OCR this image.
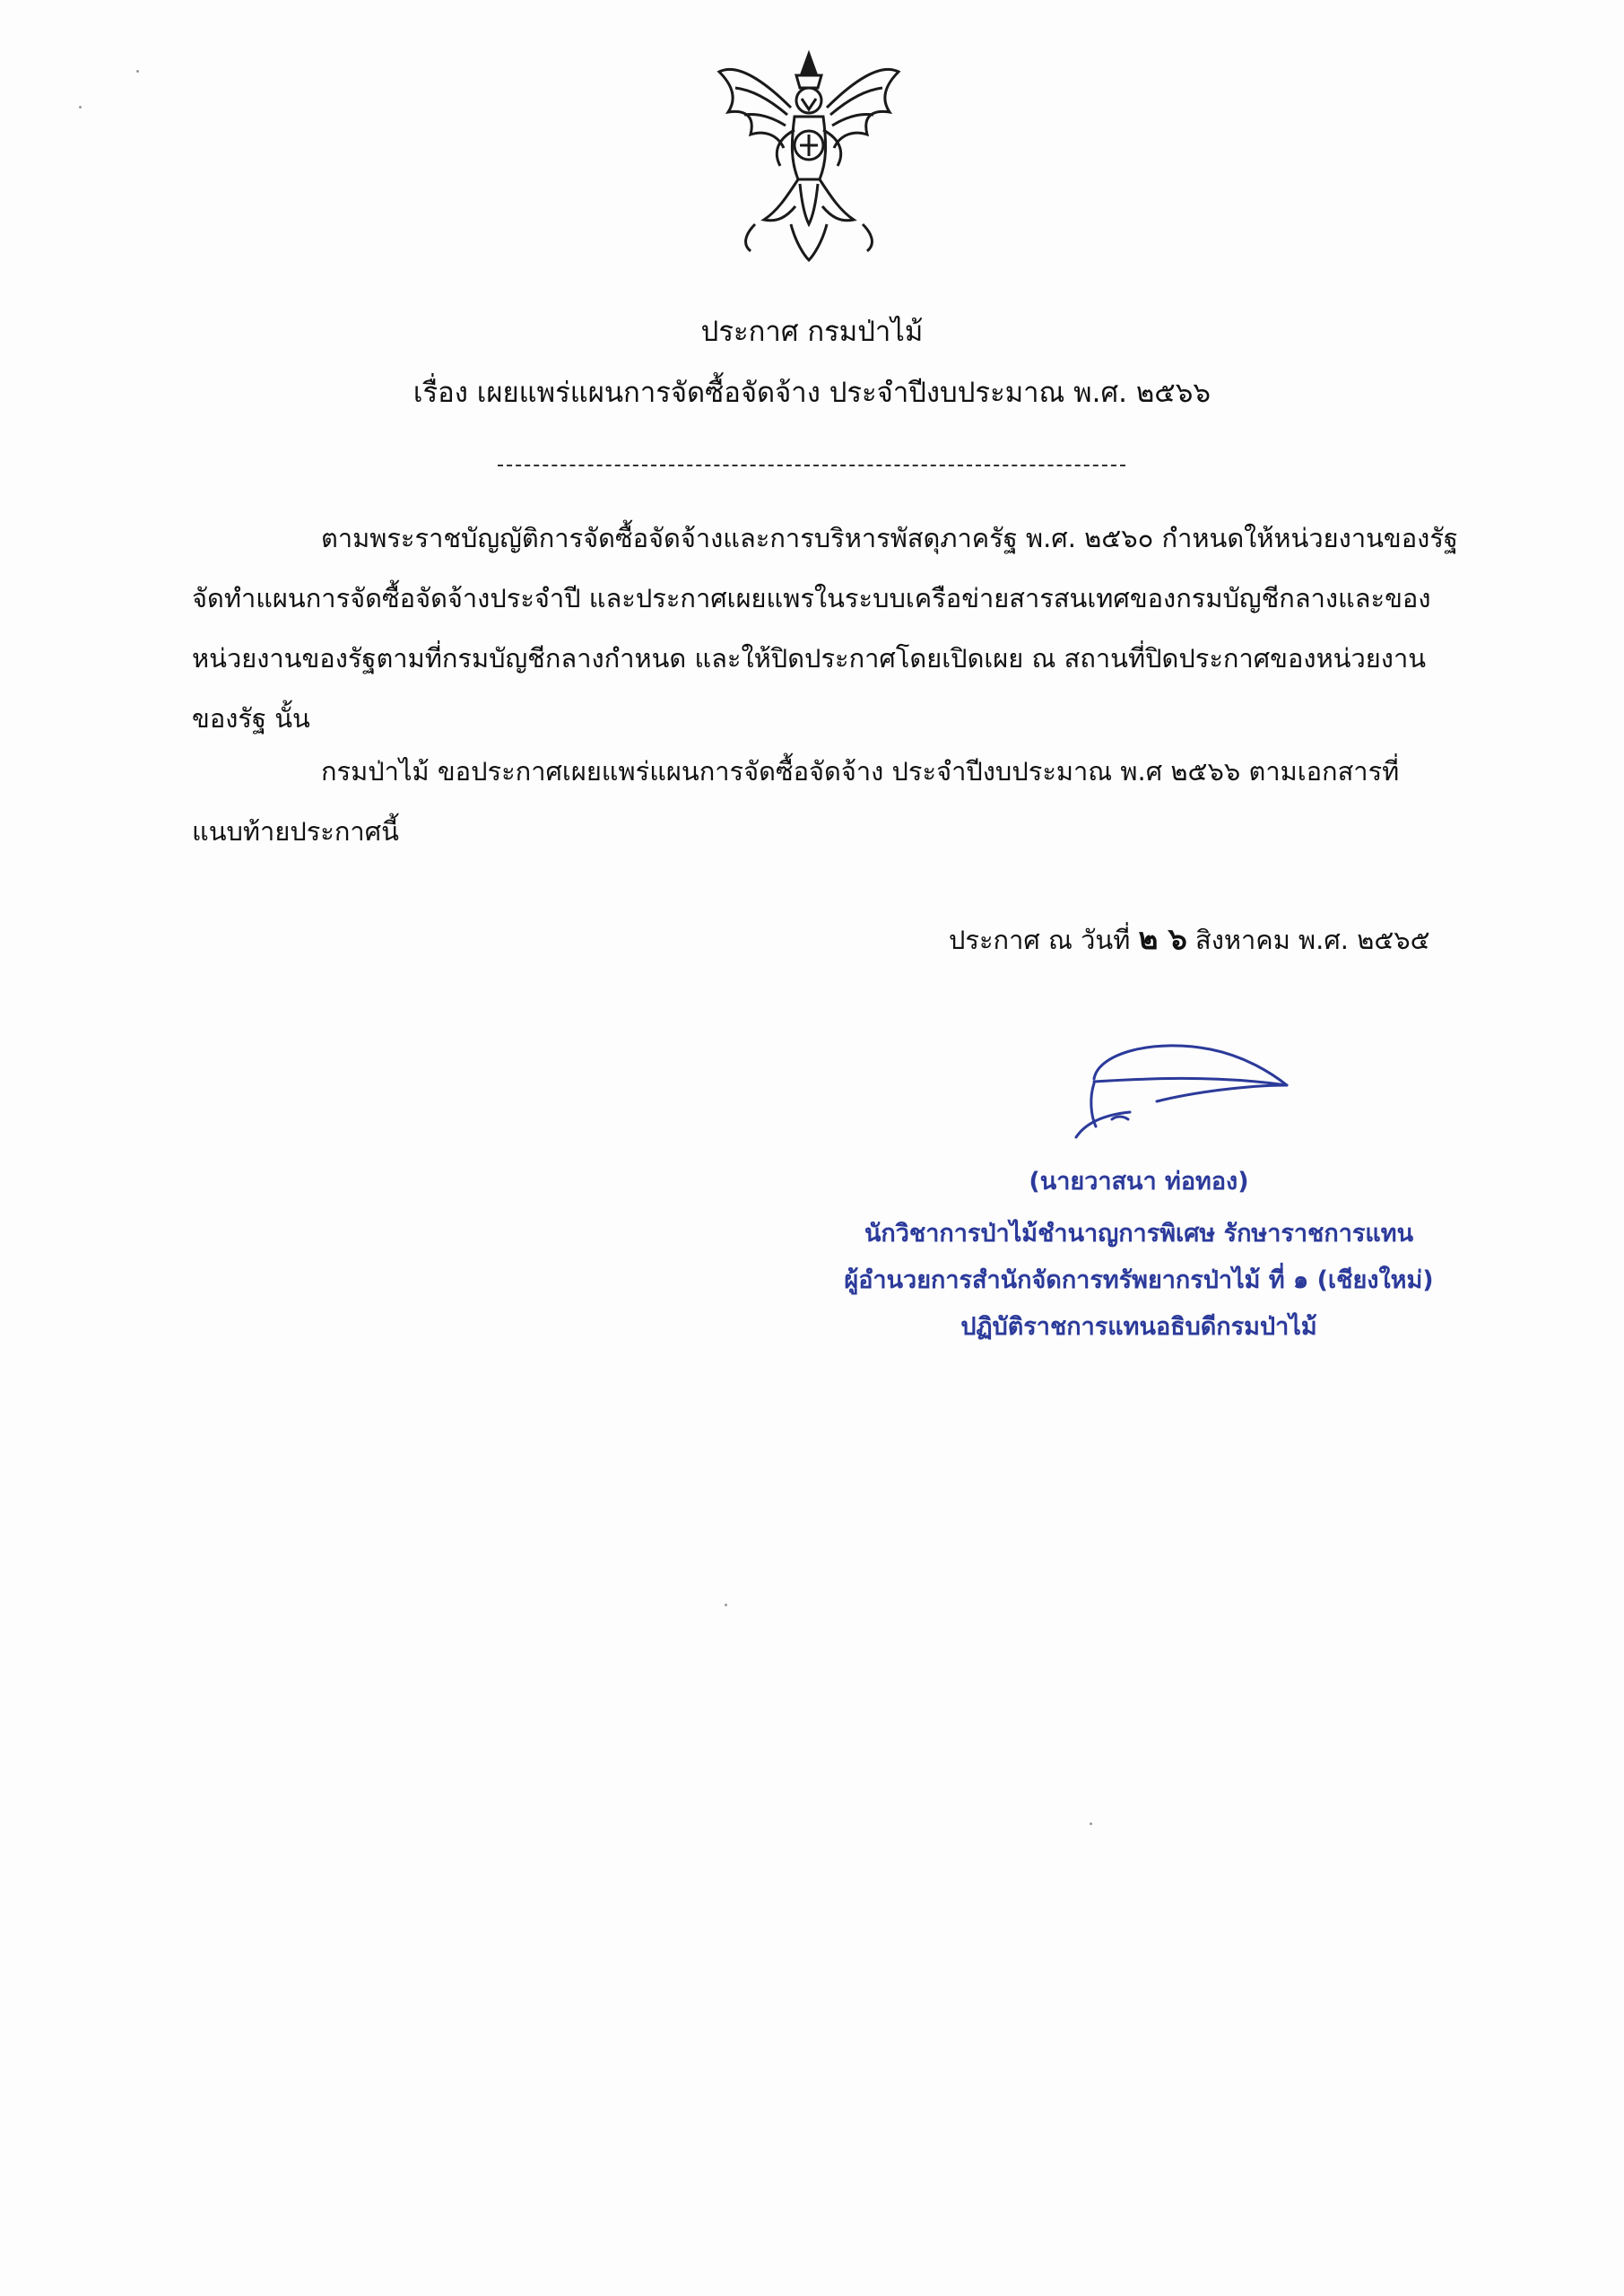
ประกาศ กรมป่าไม้
เรื่อง เผยแพร่แผนการจัดซื้อจัดจ้าง ประจำปีงบประมาณ พ.ศ. ๒๕๖๖
ตามพระราชบัญญัติการจัดซื้อจัดจ้างและการบริหารพัสดุภาครัฐ พ.ศ. ๒๕๖๐ กำหนดให้หน่วยงานของรัฐ
จัดทำแผนการจัดซื้อจัดจ้างประจำปี และประกาศเผยแพรในระบบเครือข่ายสารสนเทศของกรมบัญชีกลางและของ
หน่วยงานของรัฐตามที่กรมบัญชีกลางกำหนด และให้ปิดประกาศโดยเปิดเผย ณ สถานที่ปิดประกาศของหน่วยงาน
ของรัฐ นั้น
กรมป่าไม้ ขอประกาศเผยแพร่แผนการจัดซื้อจัดจ้าง ประจำปีงบประมาณ พ.ศ ๒๕๖๖ ตามเอกสารที่
แนบท้ายประกาศนี้
ประกาศ ณ วันที่ ๒ ๖ สิงหาคม พ.ศ. ๒๕๖๕
(นายวาสนา ท่อทอง)
นักวิชาการป่าไม้ชำนาญการพิเศษ รักษาราชการแทน
ผู้อำนวยการสำนักจัดการทรัพยากรป่าไม้ ที่ ๑ (เชียงใหม่)
ปฏิบัติราชการแทนอธิบดีกรมป่าไม้
